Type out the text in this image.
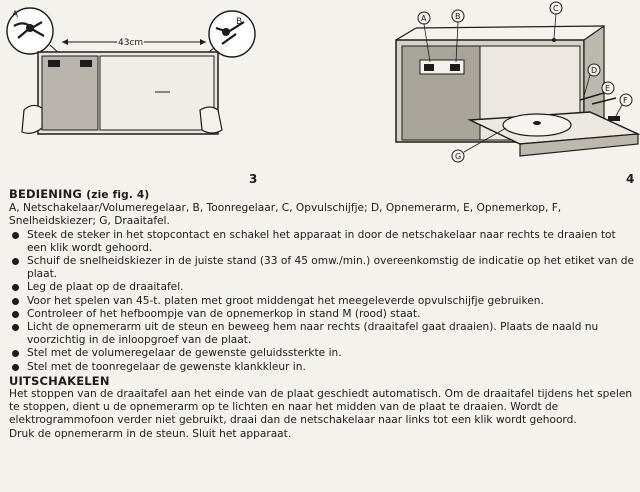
A
B
43cm
3
A	B
C
D
E
F
G
4
BEDIENING (zie fig. 4)

A, Netschakelaar/Volumeregelaar, B, Toonregelaar, C, Opvulschijfje; D, Opnemerarm, E, Opnemerkop, F, Snelheidskiezer; G, Draaitafel.

Steek de steker in het stopcontact en schakel het apparaat in door de netschakelaar naar rechts te draaien tot een klik wordt gehoord.
Schuif de snelheidskiezer in de juiste stand (33 of 45 omw./min.) overeenkomstig de indicatie op het etiket van de plaat.
Leg de plaat op de draaitafel.
Voor het spelen van 45-t. platen met groot middengat het meegeleverde opvulschijfje gebruiken.
Controleer of het hefboompje van de opnemerkop in stand M (rood) staat.
Licht de opnemerarm uit de steun en beweeg hem naar rechts (draaitafel gaat draaien). Plaats de naald nu voorzichtig in de inloopgroef van de plaat.
Stel met de volumeregelaar de gewenste geluidssterkte in.
Stel met de toonregelaar de gewenste klankkleur in.
UITSCHAKELEN

Het stoppen van de draaitafel aan het einde van de plaat geschiedt automatisch. Om de draaitafel tijdens het spelen te stoppen, dient u de opnemerarm op te lichten en naar het midden van de plaat te draaien. Wordt de elektrogrammofoon verder niet gebruikt, draai dan de netschakelaar naar links tot een klik wordt gehoord.

Druk de opnemerarm in de steun. Sluit het apparaat.
